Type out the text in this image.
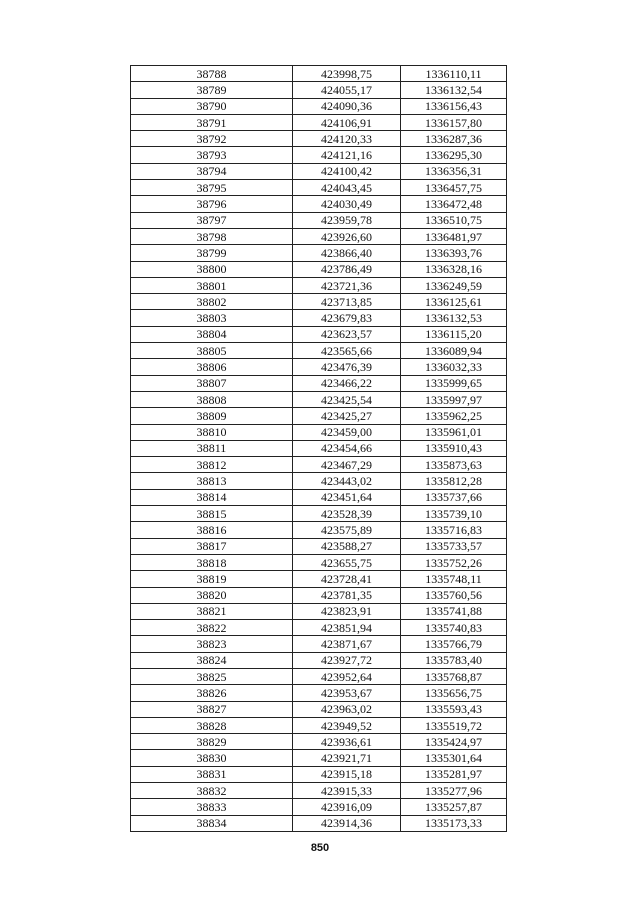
38788	423998,75	1336110,11
38789	424055,17	1336132,54
38790	424090,36	1336156,43
38791	424106,91	1336157,80
38792	424120,33	1336287,36
38793	424121,16	1336295,30
38794	424100,42	1336356,31
38795	424043,45	1336457,75
38796	424030,49	1336472,48
38797	423959,78	1336510,75
38798	423926,60	1336481,97
38799	423866,40	1336393,76
38800	423786,49	1336328,16
38801	423721,36	1336249,59
38802	423713,85	1336125,61
38803	423679,83	1336132,53
38804	423623,57	1336115,20
38805	423565,66	1336089,94
38806	423476,39	1336032,33
38807	423466,22	1335999,65
38808	423425,54	1335997,97
38809	423425,27	1335962,25
38810	423459,00	1335961,01
38811	423454,66	1335910,43
38812	423467,29	1335873,63
38813	423443,02	1335812,28
38814	423451,64	1335737,66
38815	423528,39	1335739,10
38816	423575,89	1335716,83
38817	423588,27	1335733,57
38818	423655,75	1335752,26
38819	423728,41	1335748,11
38820	423781,35	1335760,56
38821	423823,91	1335741,88
38822	423851,94	1335740,83
38823	423871,67	1335766,79
38824	423927,72	1335783,40
38825	423952,64	1335768,87
38826	423953,67	1335656,75
38827	423963,02	1335593,43
38828	423949,52	1335519,72
38829	423936,61	1335424,97
38830	423921,71	1335301,64
38831	423915,18	1335281,97
38832	423915,33	1335277,96
38833	423916,09	1335257,87
38834	423914,36	1335173,33
850
